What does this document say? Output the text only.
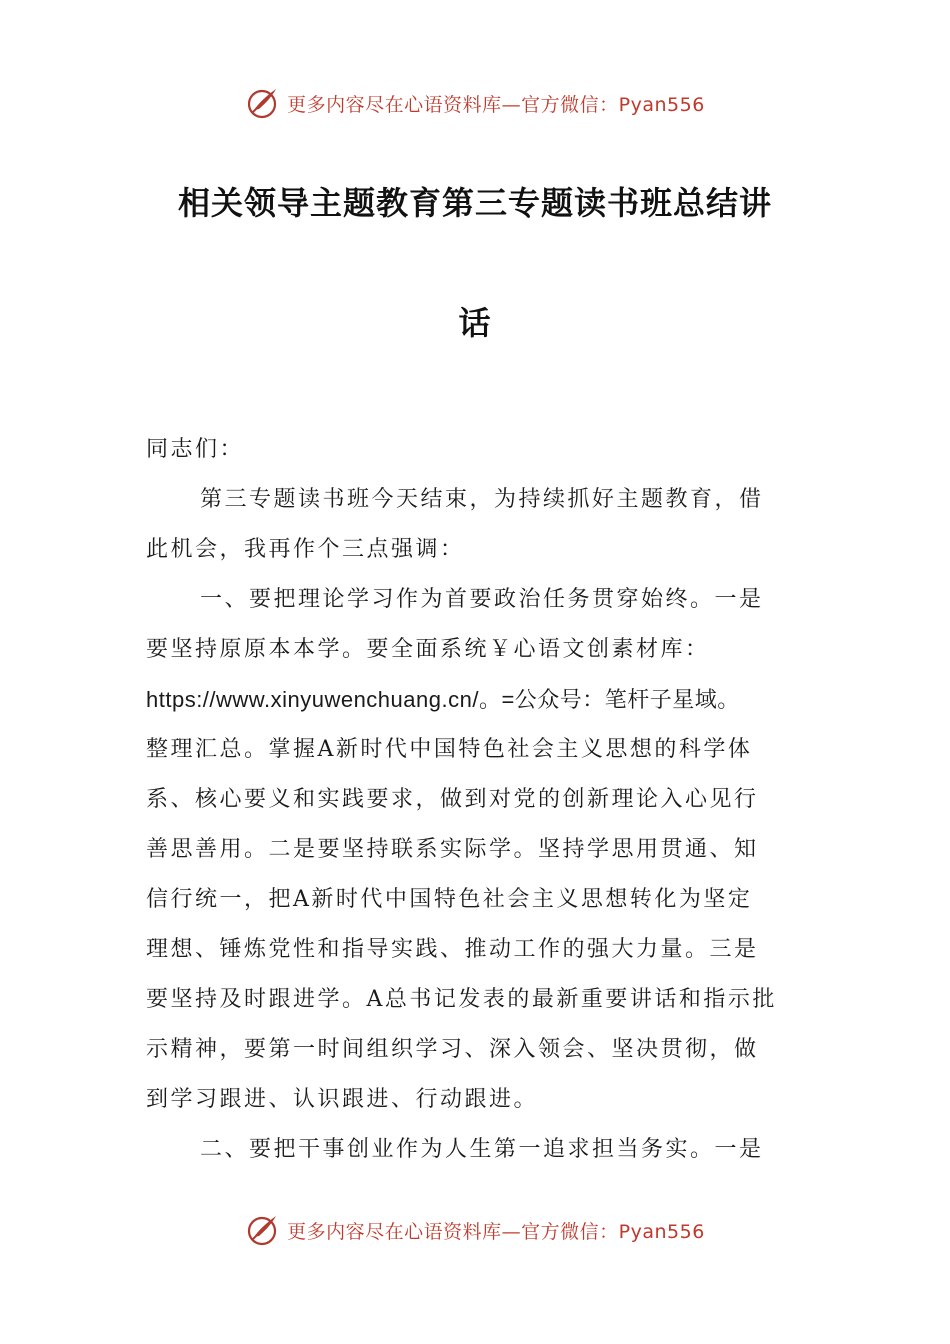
更多内容尽在心语资料库—官方微信：Pyan556
相关领导主题教育第三专题读书班总结讲
话
同志们：
第三专题读书班今天结束，为持续抓好主题教育，借
此机会，我再作个三点强调：
一、要把理论学习作为首要政治任务贯穿始终。一是
要坚持原原本本学。要全面系统￥心语文创素材库：
https://www.xinyuwenchuang.cn/。=公众号：笔杆子星域。
整理汇总。掌握A新时代中国特色社会主义思想的科学体
系、核心要义和实践要求，做到对党的创新理论入心见行
善思善用。二是要坚持联系实际学。坚持学思用贯通、知
信行统一，把A新时代中国特色社会主义思想转化为坚定
理想、锤炼党性和指导实践、推动工作的强大力量。三是
要坚持及时跟进学。A总书记发表的最新重要讲话和指示批
示精神，要第一时间组织学习、深入领会、坚决贯彻，做
到学习跟进、认识跟进、行动跟进。
二、要把干事创业作为人生第一追求担当务实。一是
更多内容尽在心语资料库—官方微信：Pyan556
